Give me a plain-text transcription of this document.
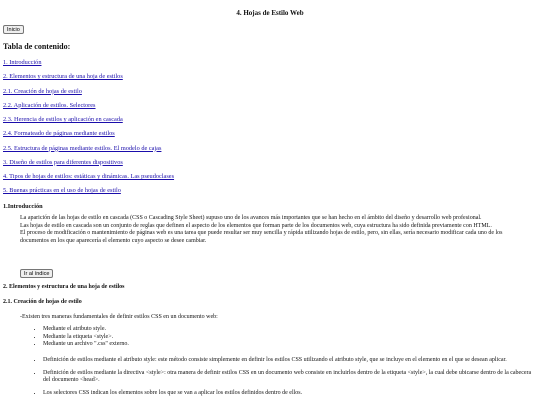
4. Hojas de Estilo Web
Inicio
Tabla de contenido:
1. Introducción
2. Elementos y estructura de una hoja de estilos
2.1. Creación de hojas de estilo
2.2. Aplicación de estilos. Selectores
2.3. Herencia de estilos y aplicación en cascada
2.4. Formateado de páginas mediante estilos
2.5. Estructura de páginas mediante estilos. El modelo de cajas
3. Diseño de estilos para diferentes dispositivos
4. Tipos de hojas de estilos: estáticas y dinámicas. Las pseudoclases
5. Buenas prácticas en el uso de hojas de estilo
1.Introducción

La aparición de las hojas de estilo en cascada (CSS o Cascading Style Sheet) supuso uno de los avances más importantes que se han hecho en el ámbito del diseño y desarrollo web profesional.

Las hojas de estilo en cascada son un conjunto de reglas que definen el aspecto de los elementos que forman parte de los documentos web, cuya estructura ha sido definida previamente con HTML.

El proceso de modificación o mantenimiento de páginas web es una tarea que puede resultar ser muy sencilla y rápida utilizando hojas de estilo, pero, sin ellas, sería necesario modificar cada uno de los documentos en los que aparecería el elemento cuyo aspecto se desee cambiar.

Ir al índice
2. Elementos y estructura de una hoja de estilos
2.1. Creación de hojas de estilo

-Existen tres maneras fundamentales de definir estilos CSS en un documento web:

• Mediante el atributo style.
• Mediante la etiqueta <style>.
• Mediante un archivo ".css" externo.
• Definición de estilos mediante el atributo style: este método consiste simplemente en definir los estilos CSS utilizando el atributo style, que se incluye en el elemento en el que se desean aplicar.
• Definición de estilos mediante la directiva <style>: otra manera de definir estilos CSS en un documento web consiste en incluirlos dentro de la etiqueta <style>, la cual debe ubicarse dentro de la cabecera del documento <head>.
• Los selectores CSS indican los elementos sobre los que se van a aplicar los estilos definidos dentro de ellos.
